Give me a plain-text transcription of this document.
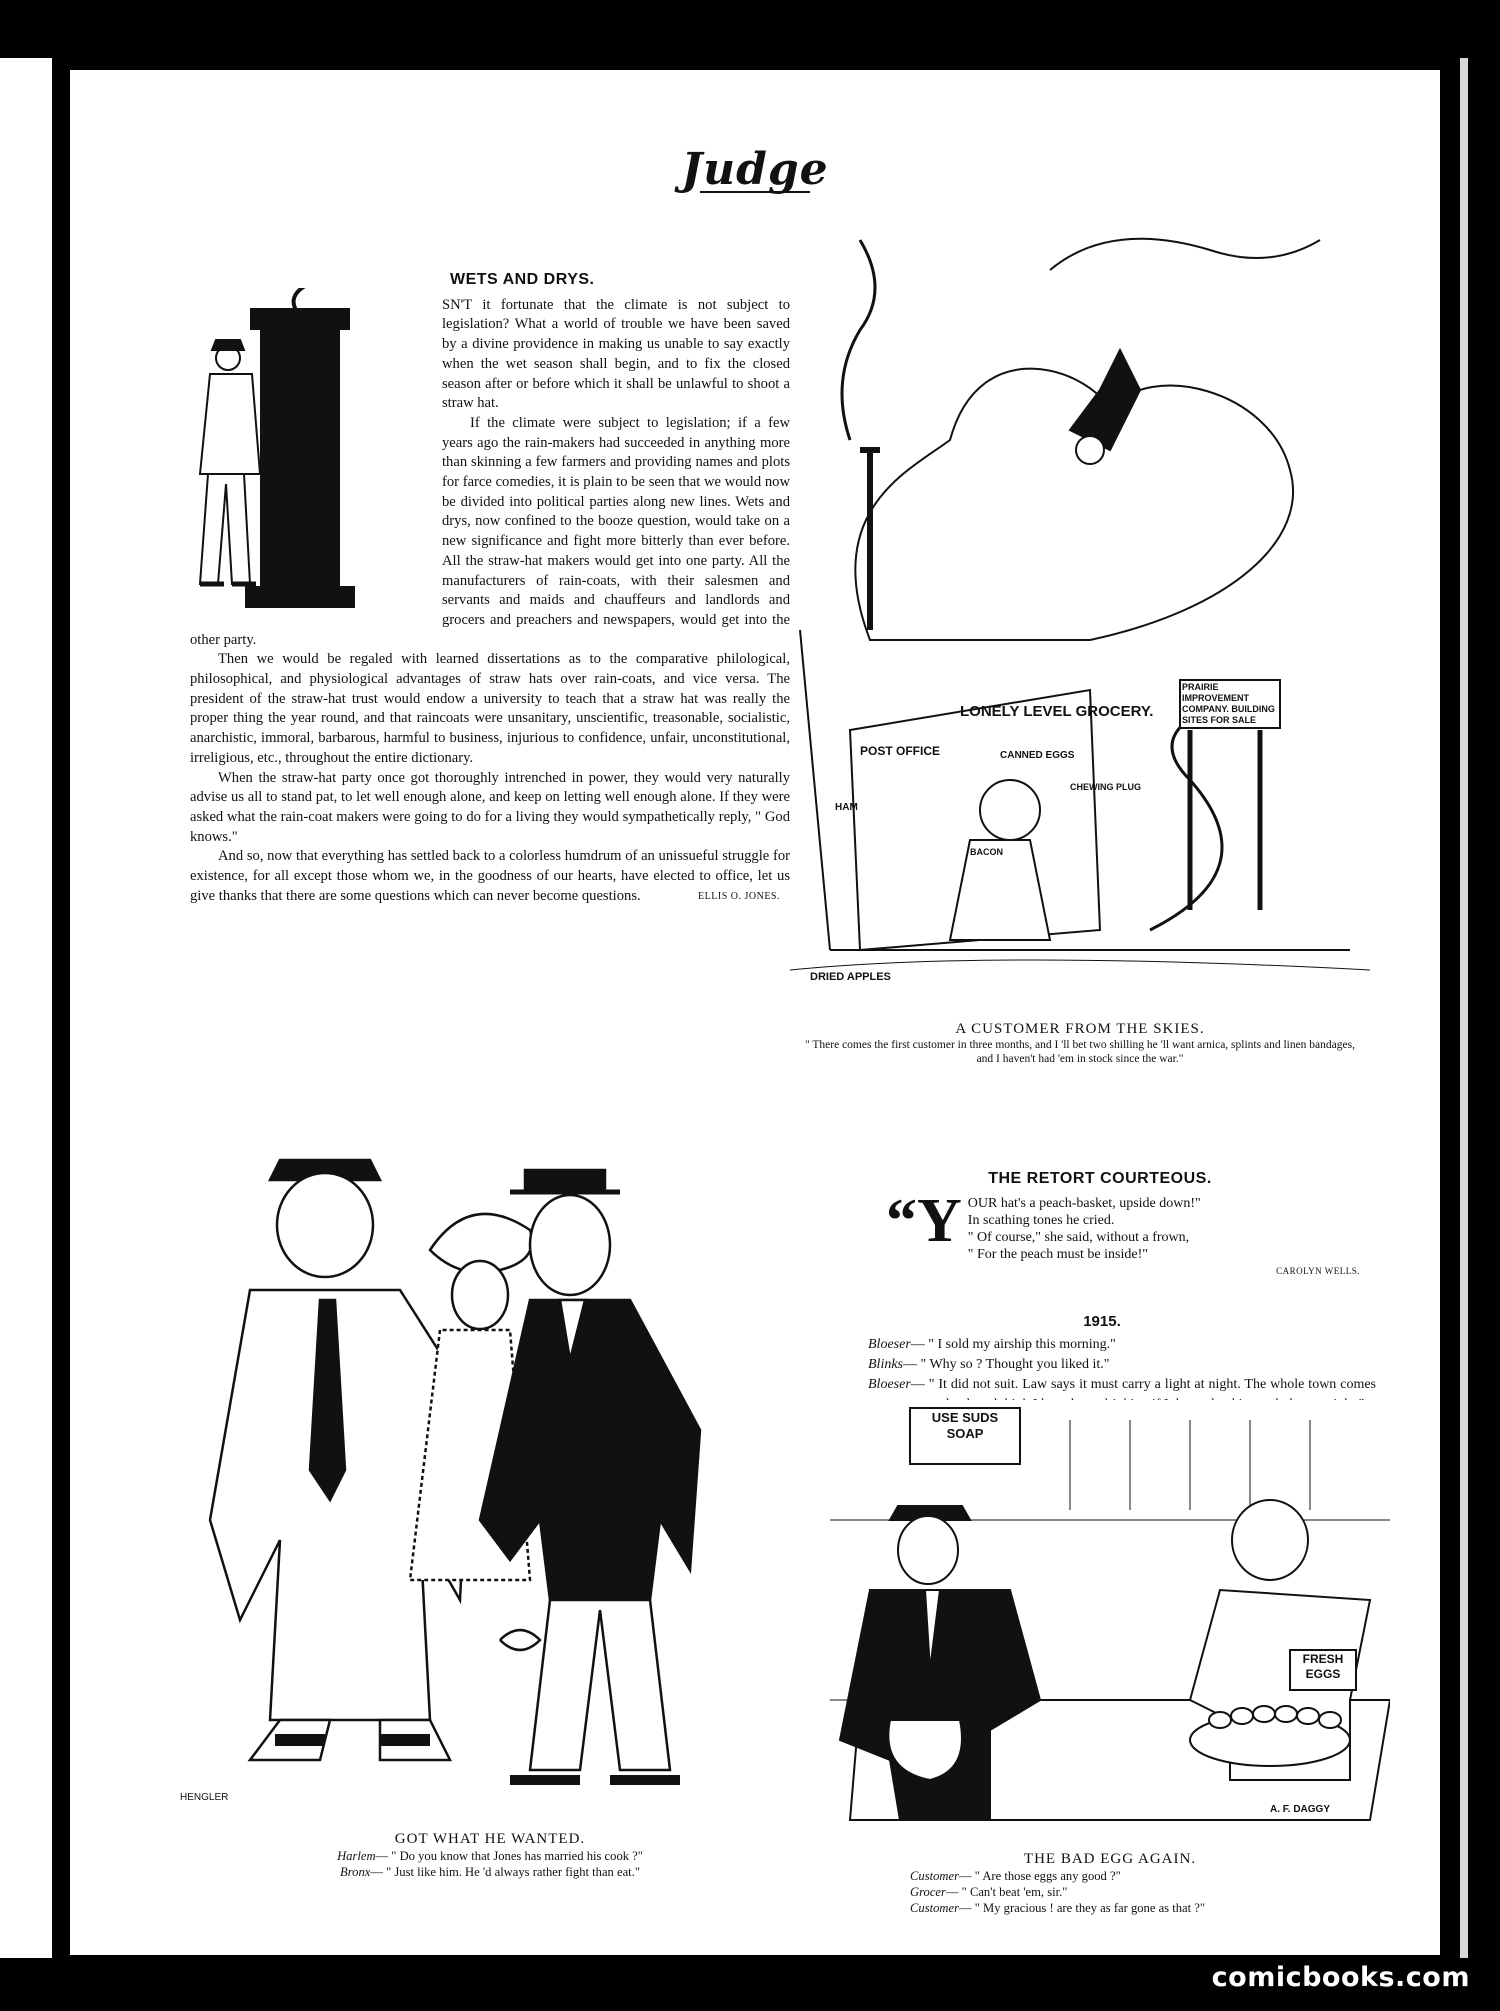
Judge
WETS AND DRYS.
I

SN'T it fortunate that the climate is not subject to legislation? What a world of trouble we have been saved by a divine providence in making us unable to say exactly when the wet season shall begin, and to fix the closed season after or before which it shall be unlawful to shoot a straw hat.

If the climate were subject to legislation; if a few years ago the rain-makers had succeeded in anything more than skinning a few farmers and providing names and plots for farce comedies, it is plain to be seen that we would now be divided into political parties along new lines. Wets and drys, now confined to the booze question, would take on a new significance and fight more bitterly than ever before. All the straw-hat makers would get into one party. All the manufacturers of rain-coats, with their salesmen and servants and maids and chauffeurs and landlords and grocers and preachers and newspapers, would get into the other party.

Then we would be regaled with learned dissertations as to the comparative philological, philosophical, and physiological advantages of straw hats over rain-coats, and vice versa. The president of the straw-hat trust would endow a university to teach that a straw hat was really the proper thing the year round, and that raincoats were unsanitary, unscientific, treasonable, socialistic, anarchistic, immoral, barbarous, harmful to business, injurious to confidence, unfair, unconstitutional, irreligious, etc., throughout the entire dictionary.

When the straw-hat party once got thoroughly intrenched in power, they would very naturally advise us all to stand pat, to let well enough alone, and keep on letting well enough alone. If they were asked what the rain-coat makers were going to do for a living they would sympathetically reply, " God knows."

And so, now that everything has settled back to a colorless humdrum of an unissueful struggle for existence, for all except those whom we, in the goodness of our hearts, have elected to office, let us give thanks that there are some questions which can never become questions.	ELLIS O. JONES.

LONELY LEVEL GROCERY.
POST OFFICE	CANNED EGGS
CHEWING PLUG
HAM
BACON
DRIED APPLES
PRAIRIE IMPROVEMENT COMPANY. BUILDING SITES FOR SALE
A CUSTOMER FROM THE SKIES.
" There comes the first customer in three months, and I 'll bet two shilling he 'll want arnica, splints and linen bandages, and I haven't had 'em in stock since the war."
THE RETORT COURTEOUS.
“Y OUR hat's a peach-basket, upside down!"
In scathing tones he cried.
" Of course," she said, without a frown,
" For the peach must be inside!"
CAROLYN WELLS.
1915.

Bloeser— " I sold my airship this morning."

Blinks— " Why so ? Thought you liked it."

Bloeser— " It did not suit. Law says it must carry a light at night. The whole town comes

HENGLER
GOT WHAT HE WANTED.
Harlem— " Do you know that Jones has married his cook ?"
Bronx— " Just like him. He 'd always rather fight than eat."
USE SUDS SOAP
FRESH EGGS
A. F. DAGGY
THE BAD EGG AGAIN.
Customer— " Are those eggs any good ?"
Grocer— " Can't beat 'em, sir."
Customer— " My gracious ! are they as far gone as that ?"
comicbooks.com
